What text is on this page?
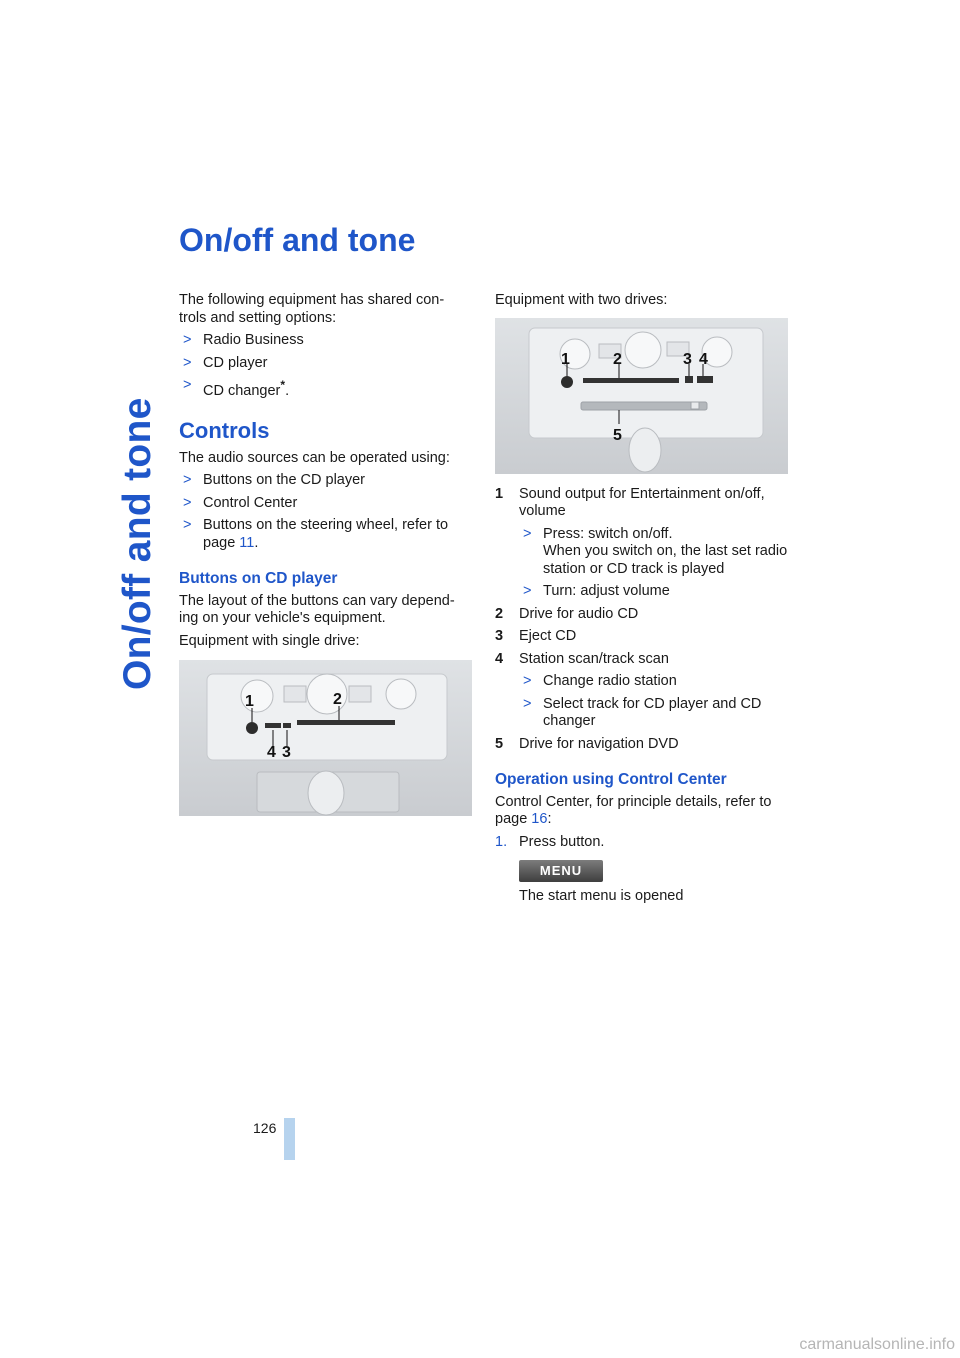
On/off and tone
On/off and tone

The following equipment has shared con-trols and setting options:

> Radio Business
> CD player
> CD changer*.
Controls

The audio sources can be operated using:

> Buttons on the CD player
> Control Center
> Buttons on the steering wheel, refer to
page 11.
Buttons on CD player

The layout of the buttons can vary depend-ing on your vehicle's equipment.

Equipment with single drive:

1	2
4 3

Equipment with two drives:

1	2	3 4
5
1 Sound output for Entertainment on/off, volume
> Press: switch on/off.
When you switch on, the last set radio station or CD track is played
> Turn: adjust volume
2 Drive for audio CD
3 Eject CD
4 Station scan/track scan
> Change radio station
> Select track for CD player and CD changer
5 Drive for navigation DVD
Operation using Control Center

Control Center, for principle details, refer to page 16:

1. Press button.
MENU

The start menu is opened

126
carmanualsonline.info
